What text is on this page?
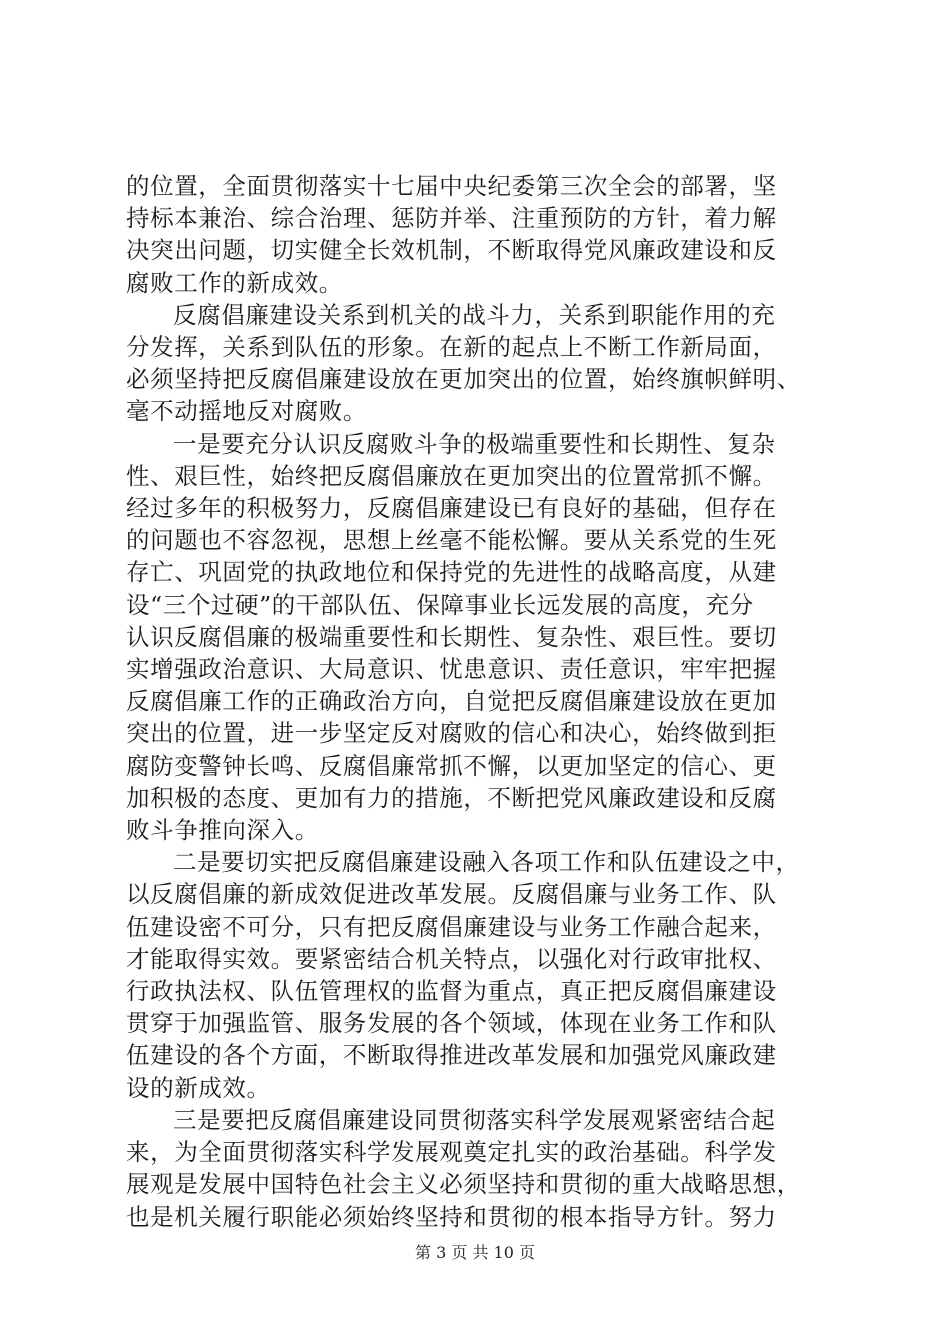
的位置，全面贯彻落实十七届中央纪委第三次全会的部署，坚
持标本兼治、综合治理、惩防并举、注重预防的方针，着力解
决突出问题，切实健全长效机制，不断取得党风廉政建设和反
腐败工作的新成效。
反腐倡廉建设关系到机关的战斗力，关系到职能作用的充
分发挥，关系到队伍的形象。在新的起点上不断工作新局面，
必须坚持把反腐倡廉建设放在更加突出的位置，始终旗帜鲜明、
毫不动摇地反对腐败。
一是要充分认识反腐败斗争的极端重要性和长期性、复杂
性、艰巨性，始终把反腐倡廉放在更加突出的位置常抓不懈。
经过多年的积极努力，反腐倡廉建设已有良好的基础，但存在
的问题也不容忽视，思想上丝毫不能松懈。要从关系党的生死
存亡、巩固党的执政地位和保持党的先进性的战略高度，从建
设“三个过硬”的干部队伍、保障事业长远发展的高度，充分
认识反腐倡廉的极端重要性和长期性、复杂性、艰巨性。要切
实增强政治意识、大局意识、忧患意识、责任意识，牢牢把握
反腐倡廉工作的正确政治方向，自觉把反腐倡廉建设放在更加
突出的位置，进一步坚定反对腐败的信心和决心，始终做到拒
腐防变警钟长鸣、反腐倡廉常抓不懈，以更加坚定的信心、更
加积极的态度、更加有力的措施，不断把党风廉政建设和反腐
败斗争推向深入。
二是要切实把反腐倡廉建设融入各项工作和队伍建设之中，
以反腐倡廉的新成效促进改革发展。反腐倡廉与业务工作、队
伍建设密不可分，只有把反腐倡廉建设与业务工作融合起来，
才能取得实效。要紧密结合机关特点，以强化对行政审批权、
行政执法权、队伍管理权的监督为重点，真正把反腐倡廉建设
贯穿于加强监管、服务发展的各个领域，体现在业务工作和队
伍建设的各个方面，不断取得推进改革发展和加强党风廉政建
设的新成效。
三是要把反腐倡廉建设同贯彻落实科学发展观紧密结合起
来，为全面贯彻落实科学发展观奠定扎实的政治基础。科学发
展观是发展中国特色社会主义必须坚持和贯彻的重大战略思想，
也是机关履行职能必须始终坚持和贯彻的根本指导方针。努力
第 3 页 共 10 页
